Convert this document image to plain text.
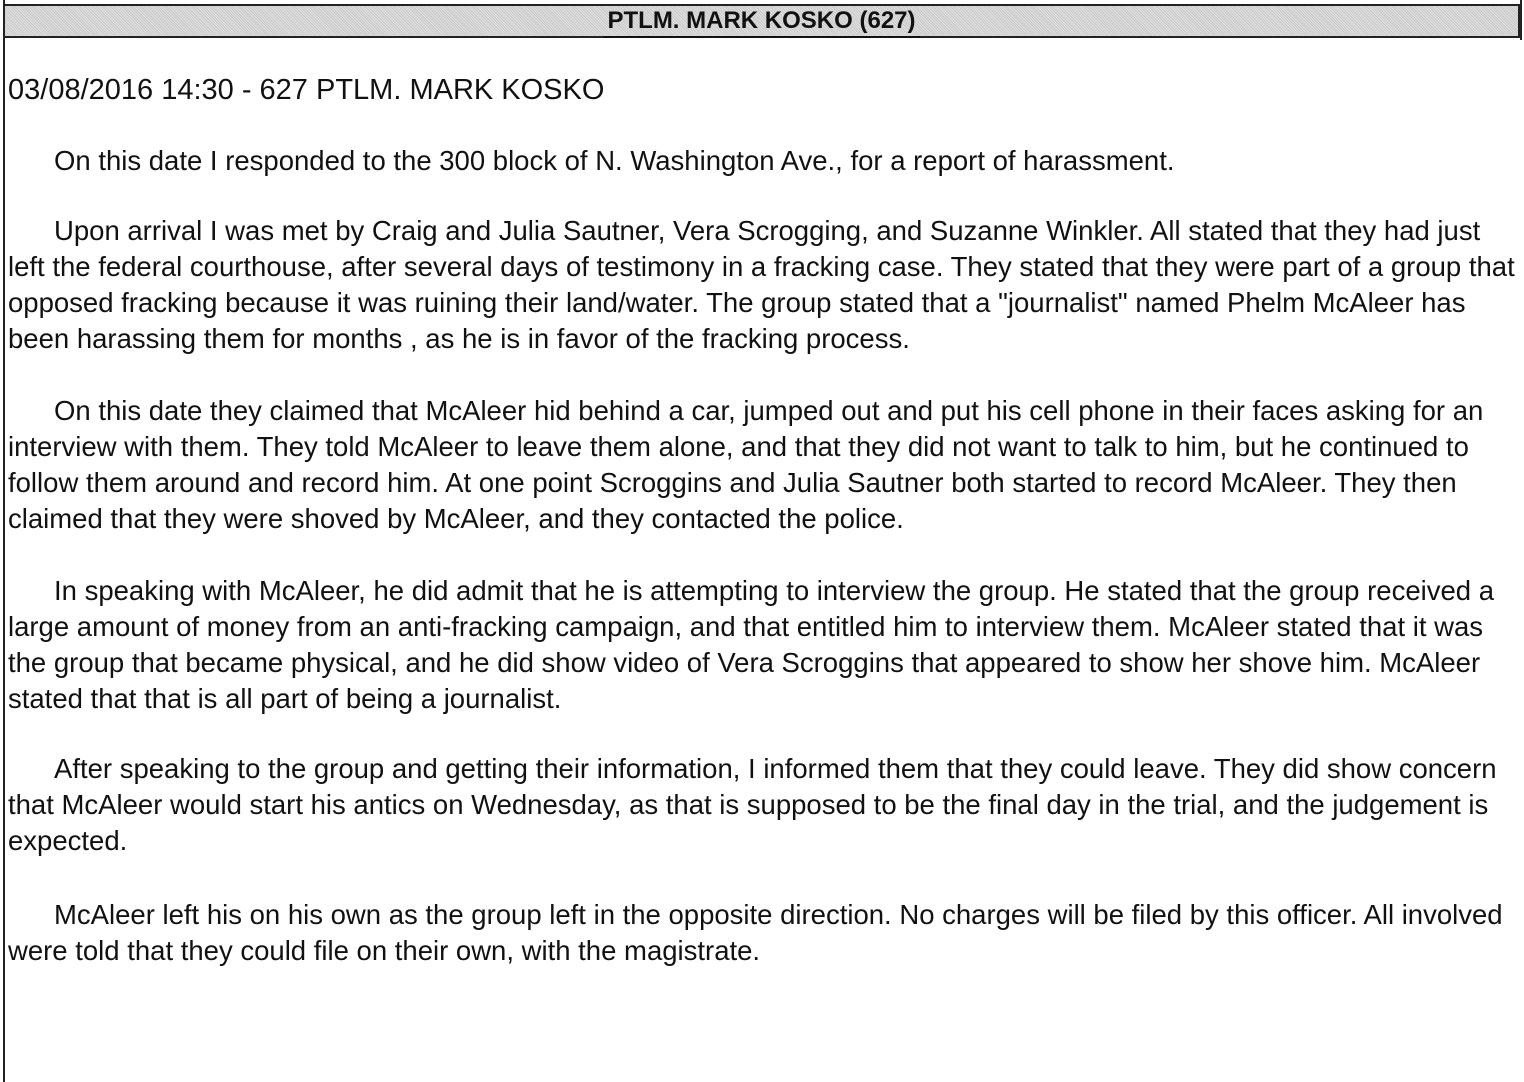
PTLM. MARK KOSKO (627)
03/08/2016 14:30 - 627 PTLM. MARK KOSKO

On this date I responded to the 300 block of N. Washington Ave., for a report of harassment.

Upon arrival I was met by Craig and Julia Sautner, Vera Scrogging, and Suzanne Winkler. All stated that they had just left the federal courthouse, after several days of testimony in a fracking case. They stated that they were part of a group that opposed fracking because it was ruining their land/water. The group stated that a "journalist" named Phelm McAleer has been harassing them for months , as he is in favor of the fracking process.

On this date they claimed that McAleer hid behind a car, jumped out and put his cell phone in their faces asking for an interview with them. They told McAleer to leave them alone, and that they did not want to talk to him, but he continued to follow them around and record him. At one point Scroggins and Julia Sautner both started to record McAleer. They then claimed that they were shoved by McAleer, and they contacted the police.

In speaking with McAleer, he did admit that he is attempting to interview the group. He stated that the group received a large amount of money from an anti-fracking campaign, and that entitled him to interview them. McAleer stated that it was the group that became physical, and he did show video of Vera Scroggins that appeared to show her shove him. McAleer stated that that is all part of being a journalist.

After speaking to the group and getting their information, I informed them that they could leave. They did show concern that McAleer would start his antics on Wednesday, as that is supposed to be the final day in the trial, and the judgement is expected.

McAleer left his on his own as the group left in the opposite direction. No charges will be filed by this officer. All involved were told that they could file on their own, with the magistrate.
